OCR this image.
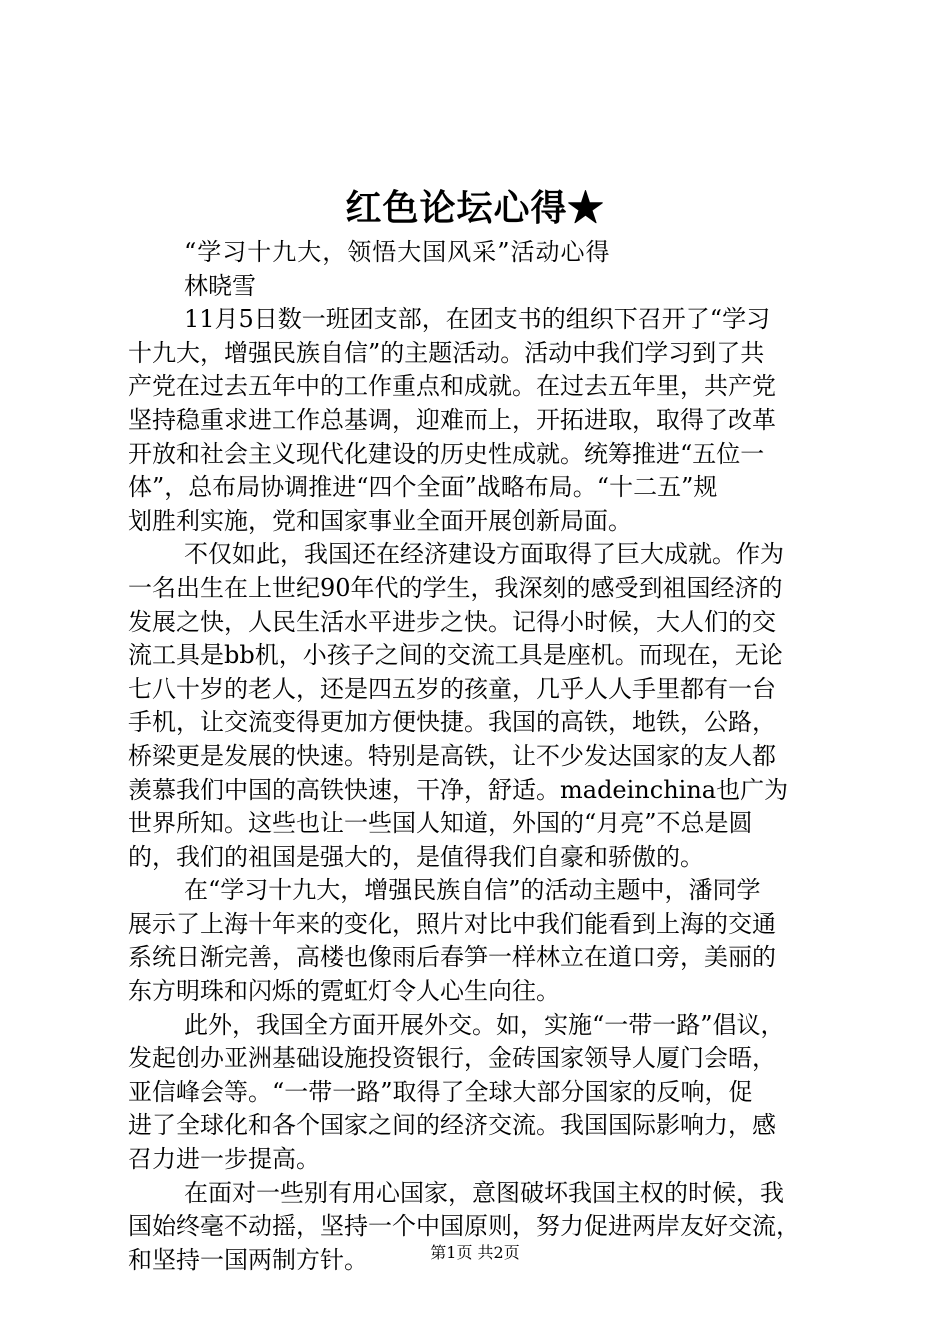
红色论坛心得★
“学习十九大，领悟大国风采”活动心得
林晓雪
11月5日数一班团支部，在团支书的组织下召开了“学习
十九大，增强民族自信”的主题活动。活动中我们学习到了共
产党在过去五年中的工作重点和成就。在过去五年里，共产党
坚持稳重求进工作总基调，迎难而上，开拓进取，取得了改革
开放和社会主义现代化建设的历史性成就。统筹推进“五位一
体”，总布局协调推进“四个全面”战略布局。“十二五”规
划胜利实施，党和国家事业全面开展创新局面。
不仅如此，我国还在经济建设方面取得了巨大成就。作为
一名出生在上世纪90年代的学生，我深刻的感受到祖国经济的
发展之快，人民生活水平进步之快。记得小时候，大人们的交
流工具是bb机，小孩子之间的交流工具是座机。而现在，无论
七八十岁的老人，还是四五岁的孩童，几乎人人手里都有一台
手机，让交流变得更加方便快捷。我国的高铁，地铁，公路，
桥梁更是发展的快速。特别是高铁，让不少发达国家的友人都
羡慕我们中国的高铁快速，干净，舒适。madeinchina也广为
世界所知。这些也让一些国人知道，外国的“月亮”不总是圆
的，我们的祖国是强大的，是值得我们自豪和骄傲的。
在“学习十九大，增强民族自信”的活动主题中，潘同学
展示了上海十年来的变化，照片对比中我们能看到上海的交通
系统日渐完善，高楼也像雨后春笋一样林立在道口旁，美丽的
东方明珠和闪烁的霓虹灯令人心生向往。
此外，我国全方面开展外交。如，实施“一带一路”倡议，
发起创办亚洲基础设施投资银行，金砖国家领导人厦门会晤，
亚信峰会等。“一带一路”取得了全球大部分国家的反响，促
进了全球化和各个国家之间的经济交流。我国国际影响力，感
召力进一步提高。
在面对一些别有用心国家，意图破坏我国主权的时候，我
国始终毫不动摇，坚持一个中国原则，努力促进两岸友好交流，
和坚持一国两制方针。	第1页 共2页
